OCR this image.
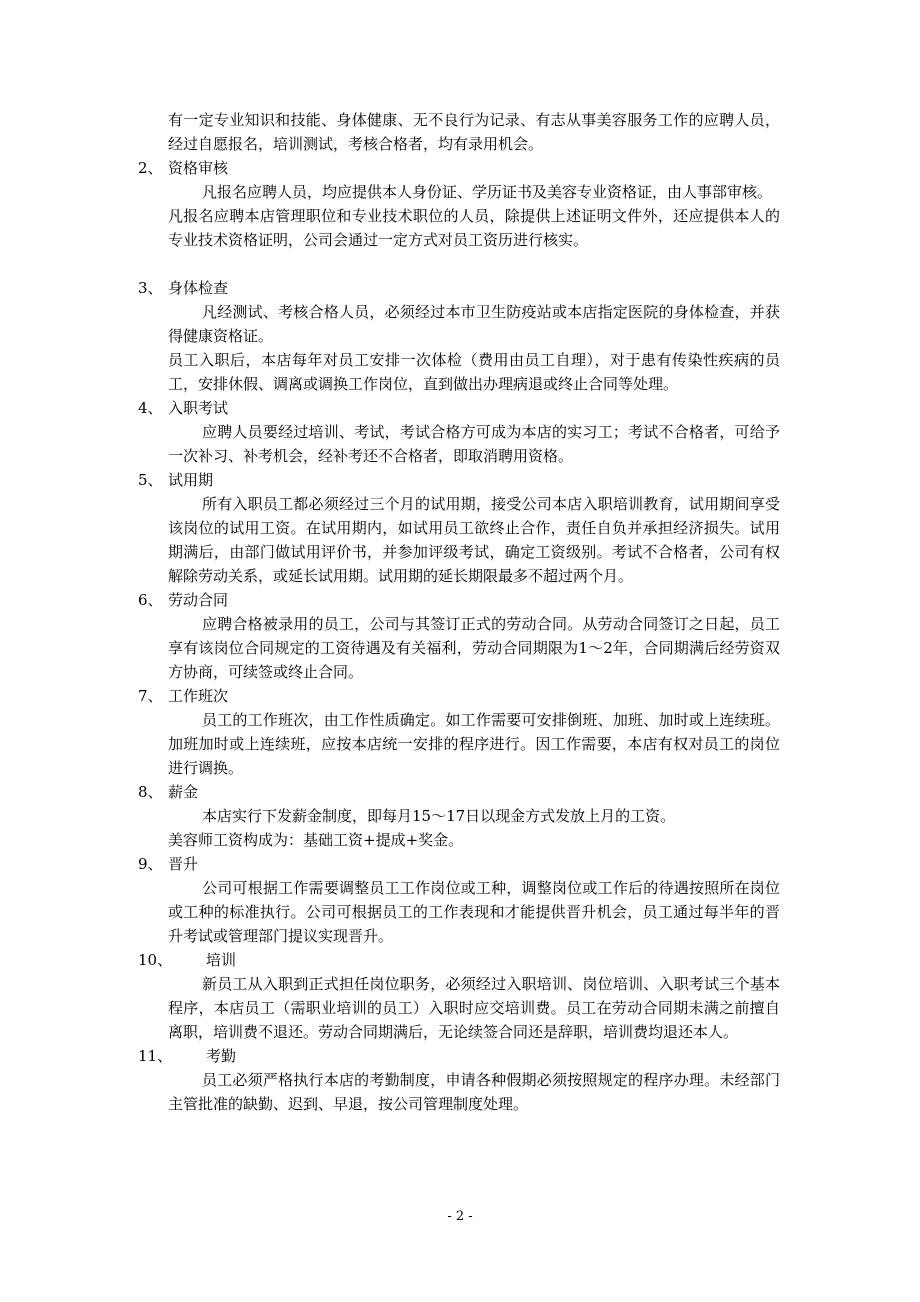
有一定专业知识和技能、身体健康、无不良行为记录、有志从事美容服务工作的应聘人员，经过自愿报名，培训测试，考核合格者，均有录用机会。

2、 资格审核

凡报名应聘人员，均应提供本人身份证、学历证书及美容专业资格证，由人事部审核。

凡报名应聘本店管理职位和专业技术职位的人员，除提供上述证明文件外，还应提供本人的专业技术资格证明，公司会通过一定方式对员工资历进行核实。

3、 身体检查

凡经测试、考核合格人员，必须经过本市卫生防疫站或本店指定医院的身体检查，并获得健康资格证。

员工入职后，本店每年对员工安排一次体检（费用由员工自理），对于患有传染性疾病的员工，安排休假、调离或调换工作岗位，直到做出办理病退或终止合同等处理。

4、 入职考试

应聘人员要经过培训、考试，考试合格方可成为本店的实习工；考试不合格者，可给予一次补习、补考机会，经补考还不合格者，即取消聘用资格。

5、 试用期

所有入职员工都必须经过三个月的试用期，接受公司本店入职培训教育，试用期间享受该岗位的试用工资。在试用期内，如试用员工欲终止合作，责任自负并承担经济损失。试用期满后，由部门做试用评价书，并参加评级考试，确定工资级别。考试不合格者，公司有权解除劳动关系，或延长试用期。试用期的延长期限最多不超过两个月。

6、 劳动合同

应聘合格被录用的员工，公司与其签订正式的劳动合同。从劳动合同签订之日起，员工享有该岗位合同规定的工资待遇及有关福利，劳动合同期限为1～2年，合同期满后经劳资双方协商，可续签或终止合同。

7、 工作班次

员工的工作班次，由工作性质确定。如工作需要可安排倒班、加班、加时或上连续班。加班加时或上连续班，应按本店统一安排的程序进行。因工作需要，本店有权对员工的岗位进行调换。

8、 薪金

本店实行下发薪金制度，即每月15～17日以现金方式发放上月的工资。

美容师工资构成为：基础工资+提成+奖金。

9、 晋升

公司可根据工作需要调整员工工作岗位或工种，调整岗位或工作后的待遇按照所在岗位或工种的标准执行。公司可根据员工的工作表现和才能提供晋升机会，员工通过每半年的晋升考试或管理部门提议实现晋升。

10、	培训

新员工从入职到正式担任岗位职务，必须经过入职培训、岗位培训、入职考试三个基本程序，本店员工（需职业培训的员工）入职时应交培训费。员工在劳动合同期未满之前擅自离职，培训费不退还。劳动合同期满后，无论续签合同还是辞职，培训费均退还本人。

11、	考勤

员工必须严格执行本店的考勤制度，申请各种假期必须按照规定的程序办理。未经部门主管批准的缺勤、迟到、早退，按公司管理制度处理。

- 2 -
